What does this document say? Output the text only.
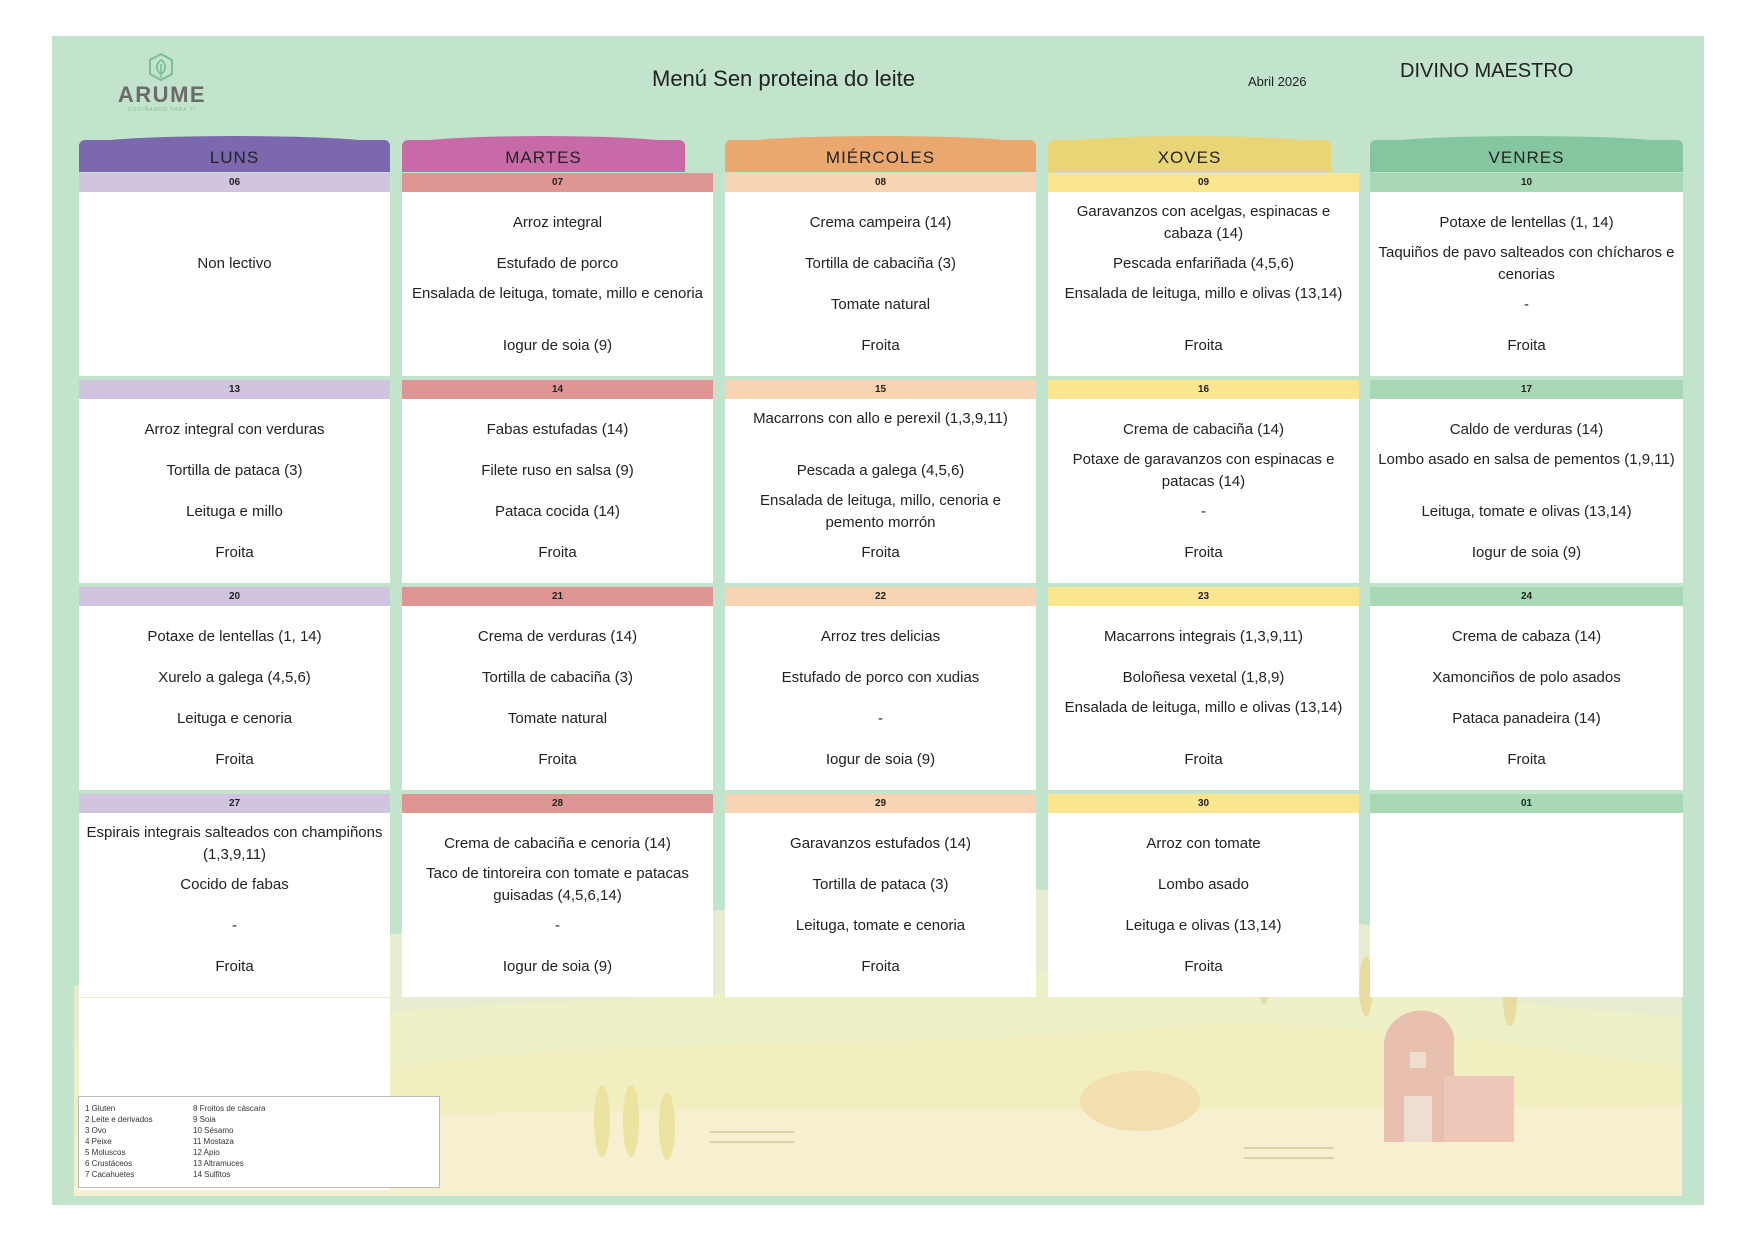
ARUME
COCIÑAMOS PARA TI
Menú Sen proteina do leite	Abril 2026	DIVINO MAESTRO
LUNS	MARTES	MIÉRCOLES	XOVES	VENRES
1 Gluten
2 Leite e derivados
3 Ovo
4 Peixe
5 Moluscos
6 Crustáceos
7 Cacahuetes
8 Froitos de cáscara
9 Soia
10 Sésamo
11 Mostaza
12 Apio
13 Altramuces
14 Sulfitos
06
Non lectivo
07
Arroz integral
Estufado de porco
Ensalada de leituga, tomate, millo e cenoria
Iogur de soia (9)
08
Crema campeira (14)
Tortilla de cabaciña (3)
Tomate natural
Froita
09
Garavanzos con acelgas, espinacas e cabaza (14)
Pescada enfariñada (4,5,6)
Ensalada de leituga, millo e olivas (13,14)
Froita
10
Potaxe de lentellas (1, 14)
Taquiños de pavo salteados con chícharos e cenorias
-
Froita
13
Arroz integral con verduras
Tortilla de pataca (3)
Leituga e millo
Froita
14
Fabas estufadas (14)
Filete ruso en salsa (9)
Pataca cocida (14)
Froita
15
Macarrons con allo e perexil (1,3,9,11)
Pescada a galega (4,5,6)
Ensalada de leituga, millo, cenoria e pemento morrón
Froita
16
Crema de cabaciña (14)
Potaxe de garavanzos con espinacas e patacas (14)
-
Froita
17
Caldo de verduras (14)
Lombo asado en salsa de pementos (1,9,11)
Leituga, tomate e olivas (13,14)
Iogur de soia (9)
20
Potaxe de lentellas (1, 14)
Xurelo a galega (4,5,6)
Leituga e cenoria
Froita
21
Crema de verduras (14)
Tortilla de cabaciña (3)
Tomate natural
Froita
22
Arroz tres delicias
Estufado de porco con xudias
-
Iogur de soia (9)
23
Macarrons integrais (1,3,9,11)
Boloñesa vexetal (1,8,9)
Ensalada de leituga, millo e olivas (13,14)
Froita
24
Crema de cabaza (14)
Xamonciños de polo asados
Pataca panadeira (14)
Froita
27
Espirais integrais salteados con champiñons (1,3,9,11)
Cocido de fabas
-
Froita
28
Crema de cabaciña e cenoria (14)
Taco de tintoreira con tomate e patacas guisadas (4,5,6,14)
-
Iogur de soia (9)
29
Garavanzos estufados (14)
Tortilla de pataca (3)
Leituga, tomate e cenoria
Froita
30
Arroz con tomate
Lombo asado
Leituga e olivas (13,14)
Froita
01
